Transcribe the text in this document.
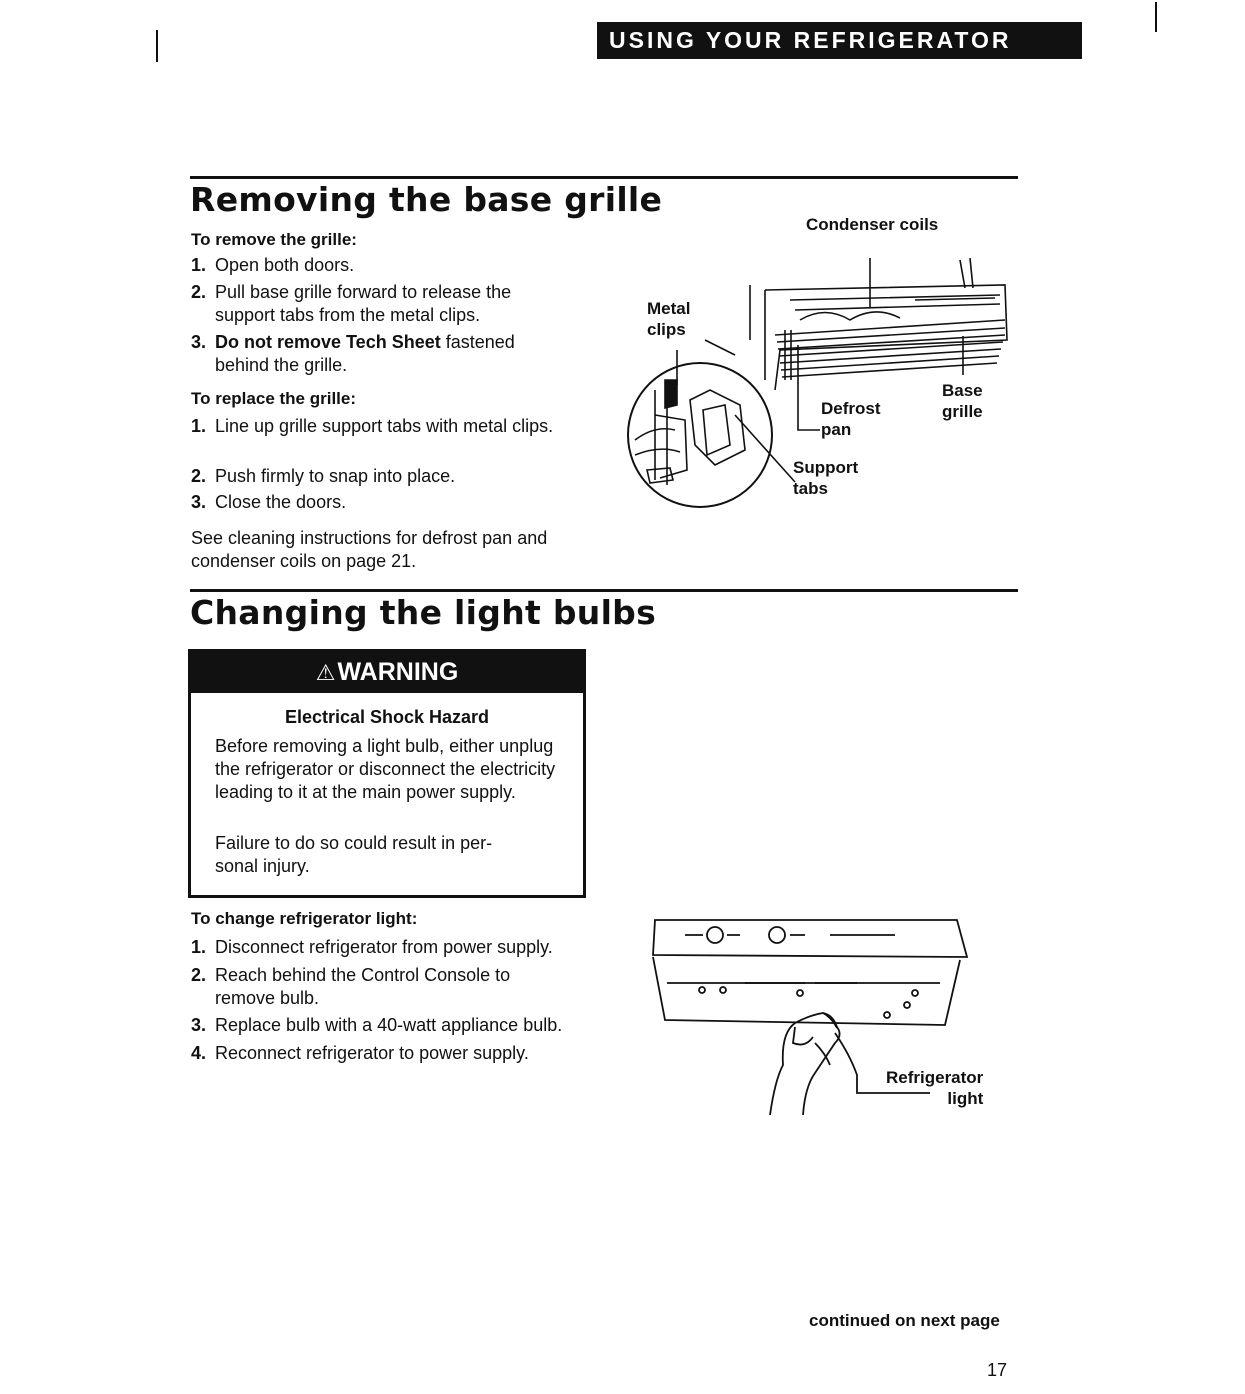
USING YOUR REFRIGERATOR
Removing the base grille
To remove the grille:
1. Open both doors.
2. Pull base grille forward to release the support tabs from the metal clips.
3. Do not remove Tech Sheet fastened behind the grille.
To replace the grille:
1. Line up grille support tabs with metal clips.
2. Push firmly to snap into place.
3. Close the doors.
See cleaning instructions for defrost pan and condenser coils on page 21.
Condenser coils
Metal
clips
Base
grille
Defrost
pan
Support
tabs
Changing the light bulbs
⚠WARNING
Electrical Shock Hazard
Before removing a light bulb, either unplug the refrigerator or disconnect the electricity leading to it at the main power supply.
Failure to do so could result in per-sonal injury.
To change refrigerator light:
1. Disconnect refrigerator from power supply.
2. Reach behind the Control Console to remove bulb.
3. Replace bulb with a 40-watt appliance bulb.
4. Reconnect refrigerator to power supply.
Refrigerator
light
continued on next page
17
